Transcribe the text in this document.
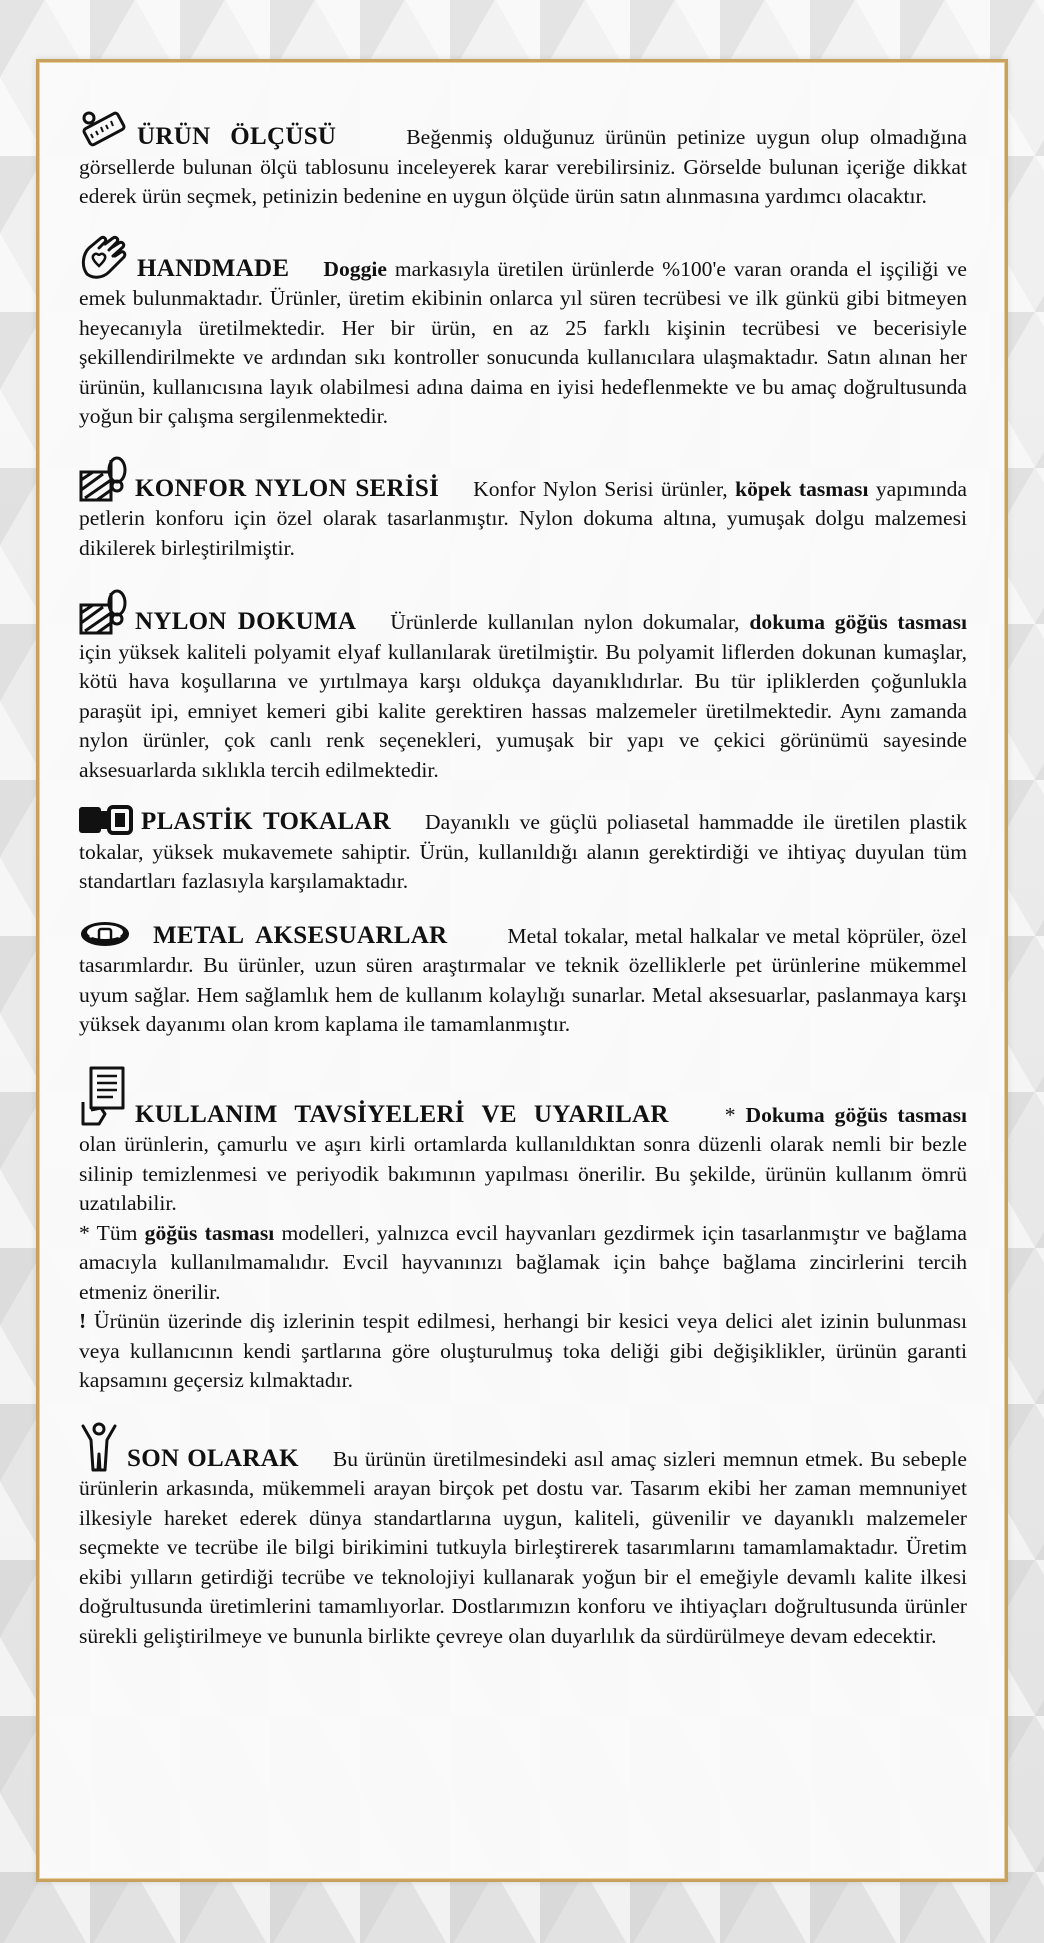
ÜRÜN ÖLÇÜSÜ	Beğenmiş olduğunuz ürünün petinize uygun olup olmadığına görsellerde bulunan ölçü tablosunu inceleyerek karar verebilirsiniz. Görselde bulunan içeriğe dikkat ederek ürün seçmek, petinizin bedenine en uygun ölçüde ürün satın alınmasına yardımcı olacaktır.

HANDMADE Doggie markasıyla üretilen ürünlerde %100'e varan oranda el işçiliği ve emek bulunmaktadır. Ürünler, üretim ekibinin onlarca yıl süren tecrübesi ve ilk günkü gibi bitmeyen heyecanıyla üretilmektedir. Her bir ürün, en az 25 farklı kişinin tecrübesi ve becerisiyle şekillendirilmekte ve ardından sıkı kontroller sonucunda kullanıcılara ulaşmaktadır. Satın alınan her ürünün, kullanıcısına layık olabilmesi adına daima en iyisi hedeflenmekte ve bu amaç doğrultusunda yoğun bir çalışma sergilenmektedir.

KONFOR NYLON SERİSİ Konfor Nylon Serisi ürünler, köpek tasması yapımında petlerin konforu için özel olarak tasarlanmıştır. Nylon dokuma altına, yumuşak dolgu malzemesi dikilerek birleştirilmiştir.

NYLON DOKUMA Ürünlerde kullanılan nylon dokumalar, dokuma göğüs tasması için yüksek kaliteli polyamit elyaf kullanılarak üretilmiştir. Bu polyamit liflerden dokunan kumaşlar, kötü hava koşullarına ve yırtılmaya karşı oldukça dayanıklıdırlar. Bu tür ipliklerden çoğunlukla paraşüt ipi, emniyet kemeri gibi kalite gerektiren hassas malzemeler üretilmektedir. Aynı zamanda nylon ürünler, çok canlı renk seçenekleri, yumuşak bir yapı ve çekici görünümü sayesinde aksesuarlarda sıklıkla tercih edilmektedir.

PLASTİK TOKALAR Dayanıklı ve güçlü poliasetal hammadde ile üretilen plastik tokalar, yüksek mukavemete sahiptir. Ürün, kullanıldığı alanın gerektirdiği ve ihtiyaç duyulan tüm standartları fazlasıyla karşılamaktadır.

METAL AKSESUARLAR	Metal tokalar, metal halkalar ve metal köprüler, özel tasarımlardır. Bu ürünler, uzun süren araştırmalar ve teknik özelliklerle pet ürünlerine mükemmel uyum sağlar. Hem sağlamlık hem de kullanım kolaylığı sunarlar. Metal aksesuarlar, paslanmaya karşı yüksek dayanımı olan krom kaplama ile tamamlanmıştır.

KULLANIM TAVSİYELERİ VE UYARILAR	* Dokuma göğüs tasması olan ürünlerin, çamurlu ve aşırı kirli ortamlarda kullanıldıktan sonra düzenli olarak nemli bir bezle silinip temizlenmesi ve periyodik bakımının yapılması önerilir. Bu şekilde, ürünün kullanım ömrü uzatılabilir.

* Tüm göğüs tasması modelleri, yalnızca evcil hayvanları gezdirmek için tasarlanmıştır ve bağlama amacıyla kullanılmamalıdır. Evcil hayvanınızı bağlamak için bahçe bağlama zincirlerini tercih etmeniz önerilir.

! Ürünün üzerinde diş izlerinin tespit edilmesi, herhangi bir kesici veya delici alet izinin bulunması veya kullanıcının kendi şartlarına göre oluşturulmuş toka deliği gibi değişiklikler, ürünün garanti kapsamını geçersiz kılmaktadır.

SON OLARAK Bu ürünün üretilmesindeki asıl amaç sizleri memnun etmek. Bu sebeple ürünlerin arkasında, mükemmeli arayan birçok pet dostu var. Tasarım ekibi her zaman memnuniyet ilkesiyle hareket ederek dünya standartlarına uygun, kaliteli, güvenilir ve dayanıklı malzemeler seçmekte ve tecrübe ile bilgi birikimini tutkuyla birleştirerek tasarımlarını tamamlamaktadır. Üretim ekibi yılların getirdiği tecrübe ve teknolojiyi kullanarak yoğun bir el emeğiyle devamlı kalite ilkesi doğrultusunda üretimlerini tamamlıyorlar. Dostlarımızın konforu ve ihtiyaçları doğrultusunda ürünler sürekli geliştirilmeye ve bununla birlikte çevreye olan duyarlılık da sürdürülmeye devam edecektir.
